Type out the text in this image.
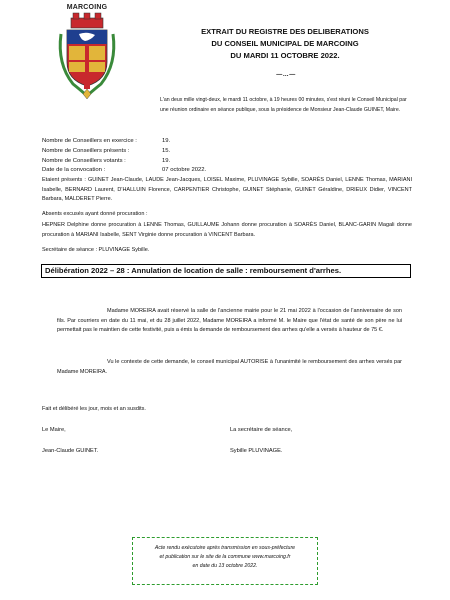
MARCOING
EXTRAIT DU REGISTRE DES DELIBERATIONS
DU CONSEIL MUNICIPAL DE MARCOING
DU MARDI 11 OCTOBRE 2022.
—…—
L'an deux mille vingt-deux, le mardi 11 octobre, à 19 heures 00 minutes, s'est réuni le Conseil Municipal par une réunion ordinaire en séance publique, sous la présidence de Monsieur Jean-Claude GUINET, Maire.
Nombre de Conseillers en exercice :	19.
Nombre de Conseillers présents :	15.
Nombre de Conseillers votants :	19.
Date de la convocation :	07 octobre 2022.
Etaient présents : GUINET Jean-Claude, LAUDE Jean-Jacques, LOISEL Maxime, PLUVINAGE Sybille, SOARÈS Daniel, LENNE Thomas, MARIANI Isabelle, BERNARD Laurent, D'HALLUIN Florence, CARPENTIER Christophe, GUINET Stéphanie, GUINET Géraldine, DRIEUX Didier, VINCENT Barbara, MALDERET Pierre.
Absents excusés ayant donné procuration :
HEPNER Delphine donne procuration à LENNE Thomas, GUILLAUME Johann donne procuration à SOARÈS Daniel, BLANC-GARIN Magali donne procuration à MARIANI Isabelle, SENT Virginie donne procuration à VINCENT Barbara.
Secrétaire de séance : PLUVINAGE Sybille.
Délibération 2022 – 28 : Annulation de location de salle : remboursement d'arrhes.
Madame MOREIRA avait réservé la salle de l'ancienne mairie pour le 21 mai 2022 à l'occasion de l'anniversaire de son fils. Par courriers en date du 11 mai, et du 28 juillet 2022, Madame MOREIRA a informé M. le Maire que l'état de santé de son père ne lui permettait pas le maintien de cette festivité, puis a émis la demande de remboursement des arrhes qu'elle a versés à hauteur de 75 €.
Vu le contexte de cette demande, le conseil municipal AUTORISE à l'unanimité le remboursement des arrhes versés par Madame MOREIRA.
Fait et délibéré les jour, mois et an susdits.
Le Maire,
Jean-Claude GUINET.
La secrétaire de séance,
Sybille PLUVINAGE.
Acte rendu exécutoire après transmission en sous-préfecture
et publication sur le site de la commune www.marcoing.fr
en date du 13 octobre 2022.
